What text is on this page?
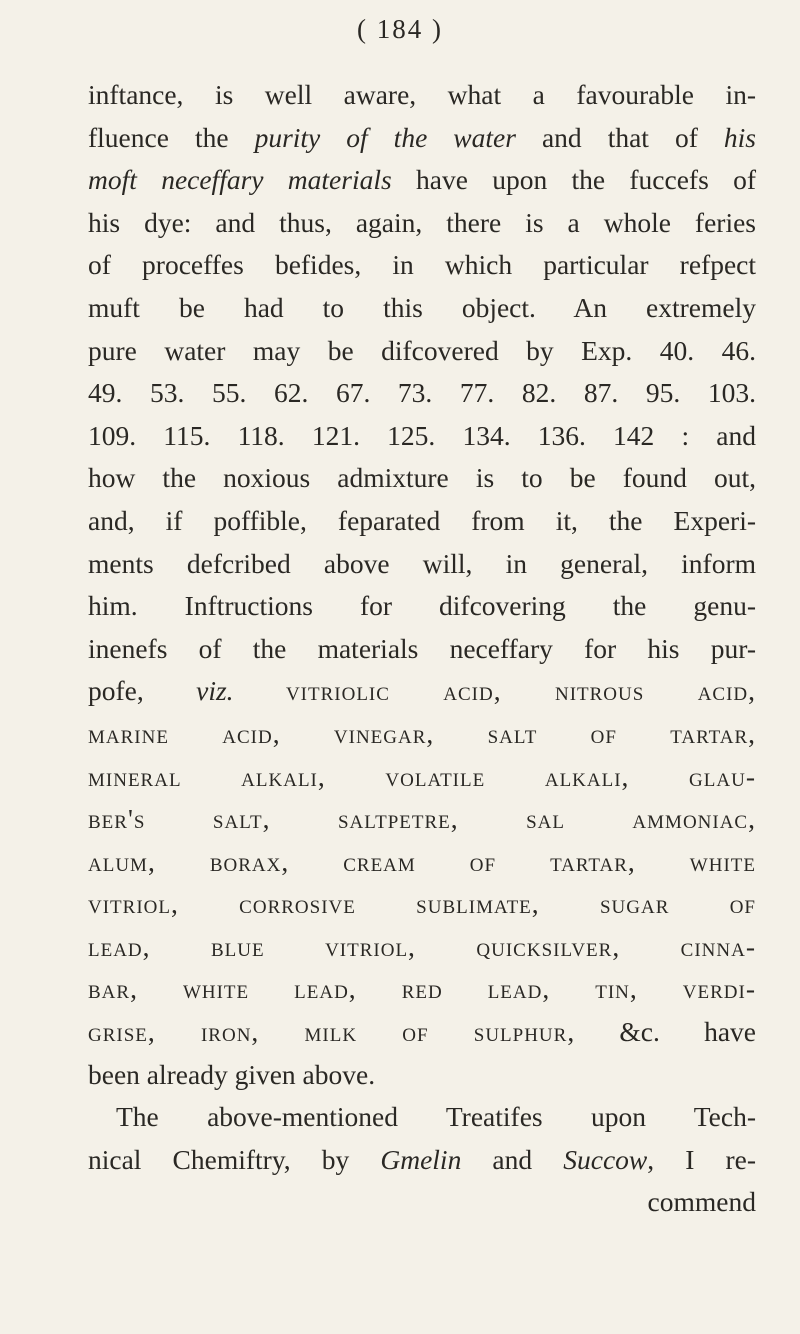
( 184 )
inftance, is well aware, what a favourable in-
fluence the purity of the water and that of his
moft neceffary materials have upon the fuccefs of
his dye: and thus, again, there is a whole feries
of proceffes befides, in which particular refpect
muft be had to this object. An extremely
pure water may be difcovered by Exp. 40. 46.
49. 53. 55. 62. 67. 73. 77. 82. 87. 95. 103.
109. 115. 118. 121. 125. 134. 136. 142 : and
how the noxious admixture is to be found out,
and, if poffible, feparated from it, the Experi-
ments defcribed above will, in general, inform
him. Inftructions for difcovering the genu-
inenefs of the materials neceffary for his pur-
pofe, viz. vitriolic acid, nitrous acid,
marine acid, vinegar, salt of tartar,
mineral alkali, volatile alkali, glau-
ber's salt, saltpetre, sal ammoniac,
alum, borax, cream of tartar, white
vitriol, corrosive sublimate, sugar of
lead, blue vitriol, quicksilver, cinna-
bar, white lead, red lead, tin, verdi-
grise, iron, milk of sulphur, &c. have
been already given above.
The above-mentioned Treatifes upon Tech-
nical Chemiftry, by Gmelin and Succow, I re-
commend
